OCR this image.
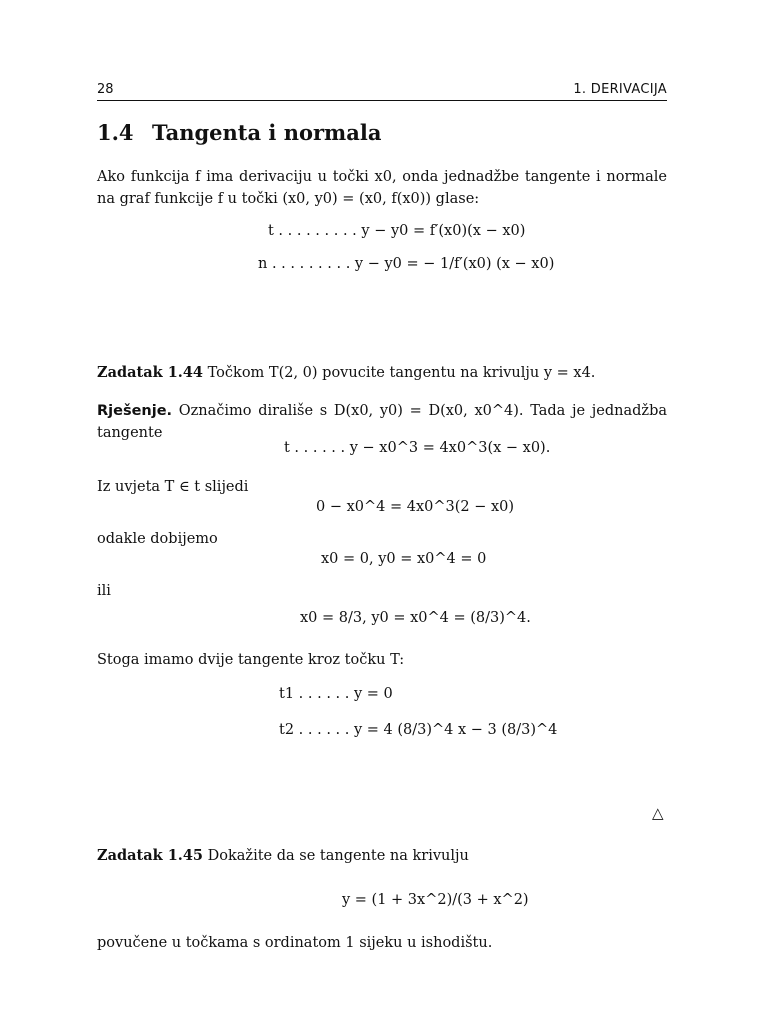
28	1. DERIVACIJA
1.4 Tangenta i normala
Ako funkcija f ima derivaciju u točki x0, onda jednadžbe tangente i normale na graf funkcije f u točki (x0, y0) = (x0, f(x0)) glase:
t . . . . . . . . . y − y0 = f′(x0)(x − x0)
n . . . . . . . . . y − y0 = − 1/f′(x0) (x − x0)
Zadatak 1.44 Točkom T(2, 0) povucite tangentu na krivulju y = x4.
Rješenje. Označimo dirališe s D(x0, y0) = D(x0, x0^4). Tada je jednadžba tangente
t . . . . . . y − x0^3 = 4x0^3(x − x0).
Iz uvjeta T ∈ t slijedi
0 − x0^4 = 4x0^3(2 − x0)
odakle dobijemo
x0 = 0, y0 = x0^4 = 0
ili
x0 = 8/3, y0 = x0^4 = (8/3)^4.
Stoga imamo dvije tangente kroz točku T:
t1 . . . . . . y = 0
t2 . . . . . . y = 4 (8/3)^4 x − 3 (8/3)^4
△
Zadatak 1.45 Dokažite da se tangente na krivulju
y = (1 + 3x^2)/(3 + x^2)
povučene u točkama s ordinatom 1 sijeku u ishodištu.
